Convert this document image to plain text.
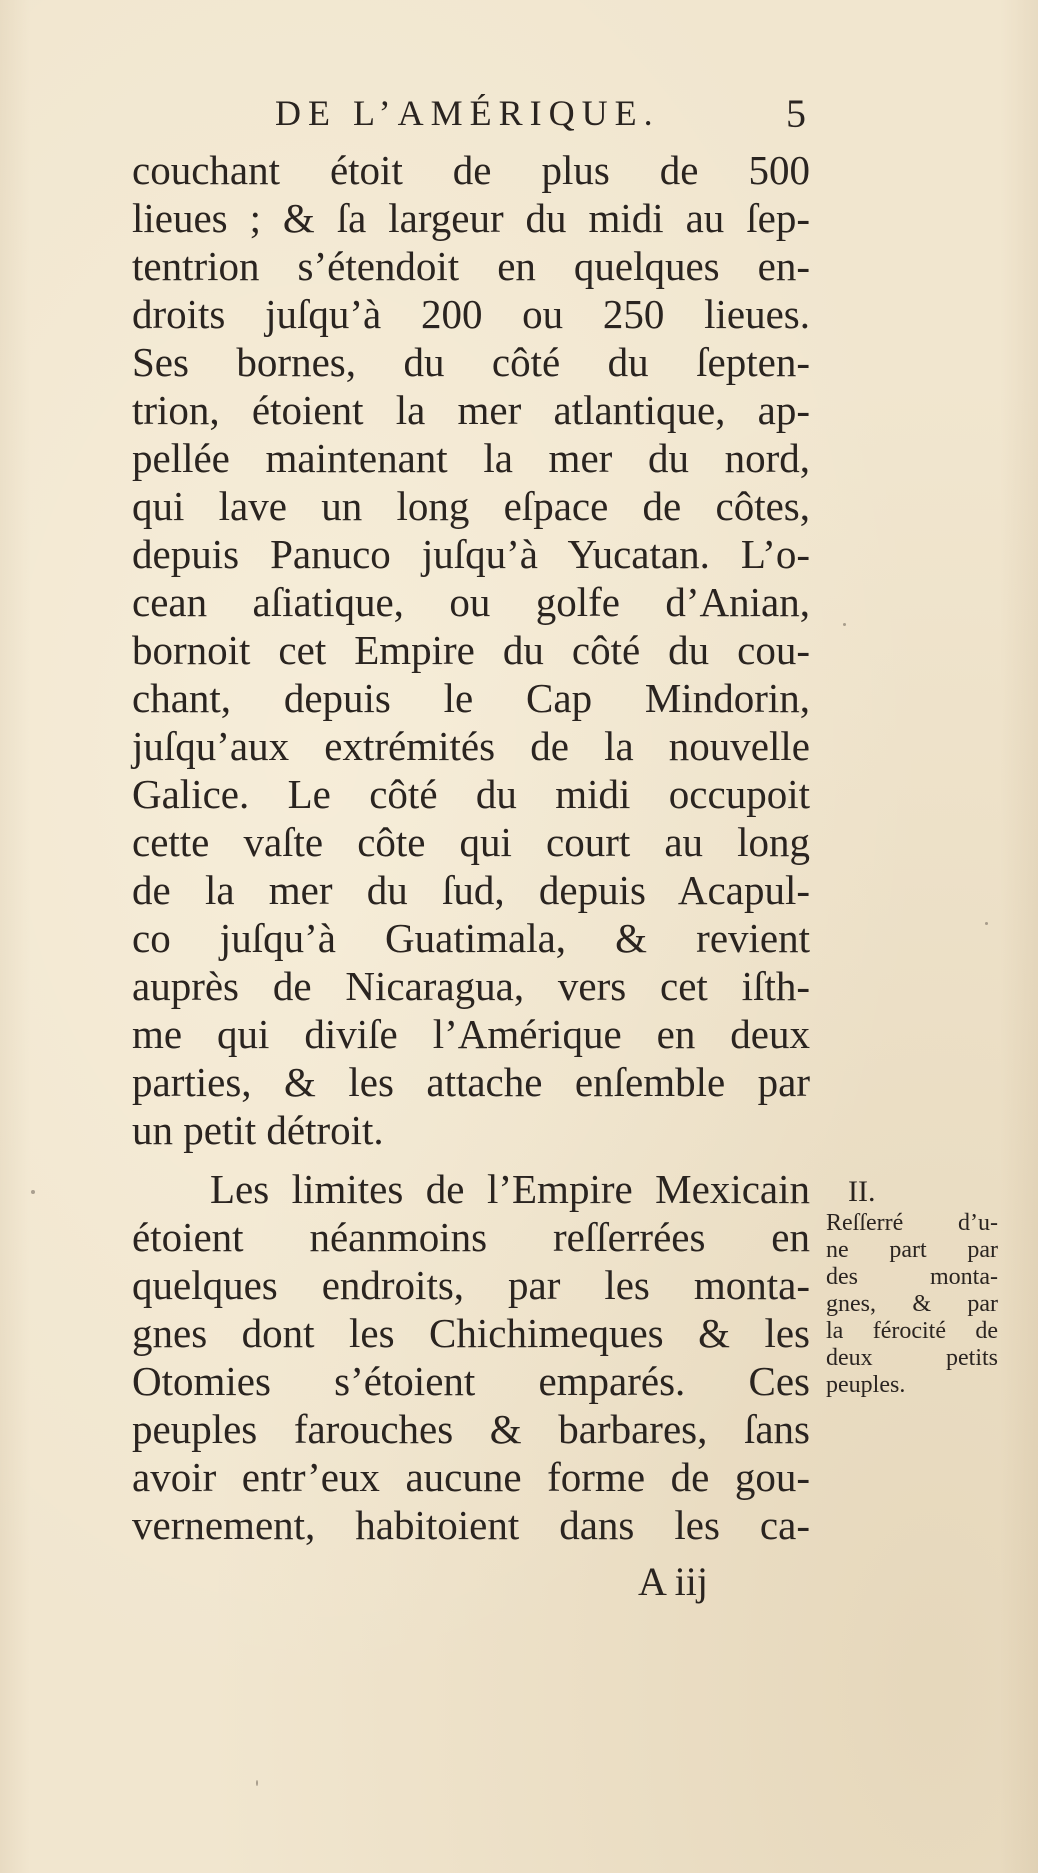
DE L’AMÉRIQUE.	5
couchant étoit de plus de 500
lieues ; & ſa largeur du midi au ſep-
tentrion s’étendoit en quelques en-
droits juſqu’à 200 ou 250 lieues.
Ses bornes, du côté du ſepten-
trion, étoient la mer atlantique, ap-
pellée maintenant la mer du nord,
qui lave un long eſpace de côtes,
depuis Panuco juſqu’à Yucatan. L’o-
cean aſiatique, ou golfe d’Anian,
bornoit cet Empire du côté du cou-
chant, depuis le Cap Mindorin,
juſqu’aux extrémités de la nouvelle
Galice. Le côté du midi occupoit
cette vaſte côte qui court au long
de la mer du ſud, depuis Acapul-
co juſqu’à Guatimala, & revient
auprès de Nicaragua, vers cet iſth-
me qui diviſe l’Amérique en deux
parties, & les attache enſemble par
un petit détroit.
Les limites de l’Empire Mexicain
étoient néanmoins reſſerrées en
quelques endroits, par les monta-
gnes dont les Chichimeques & les
Otomies s’étoient emparés. Ces
peuples farouches & barbares, ſans
avoir entr’eux aucune forme de gou-
vernement, habitoient dans les ca-
II.
Reſſerré d’u-
ne part par
des monta-
gnes, & par
la férocité de
deux petits
peuples.
A iij
